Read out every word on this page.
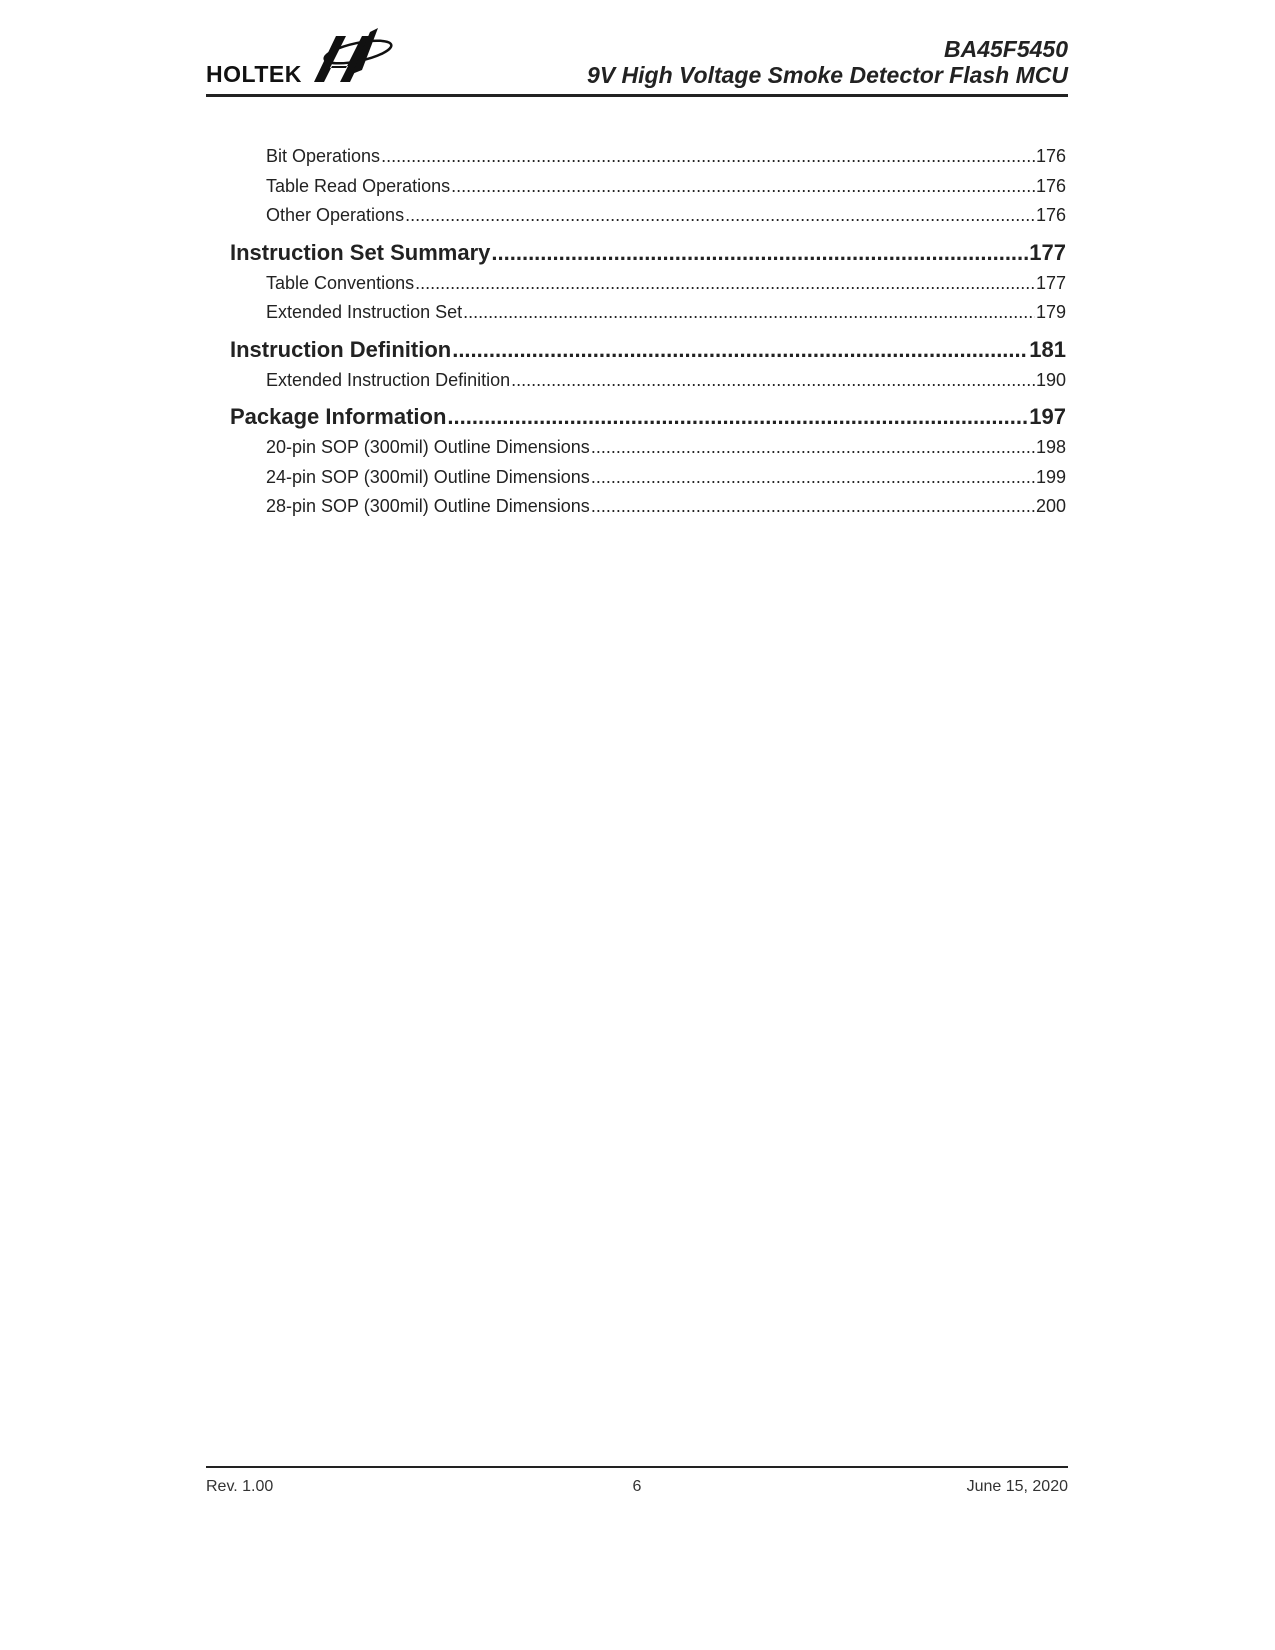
HOLTEK
BA45F5450
9V High Voltage Smoke Detector Flash MCU
Bit Operations .....	176
Table Read Operations .....	176
Other Operations .....	176
Instruction Set Summary .....	177
Table Conventions .....	177
Extended Instruction Set .....	179
Instruction Definition .....	181
Extended Instruction Definition .....	190
Package Information .....	197
20-pin SOP (300mil) Outline Dimensions .....	198
24-pin SOP (300mil) Outline Dimensions .....	199
28-pin SOP (300mil) Outline Dimensions .....	200
Rev. 1.00	6	June 15, 2020
